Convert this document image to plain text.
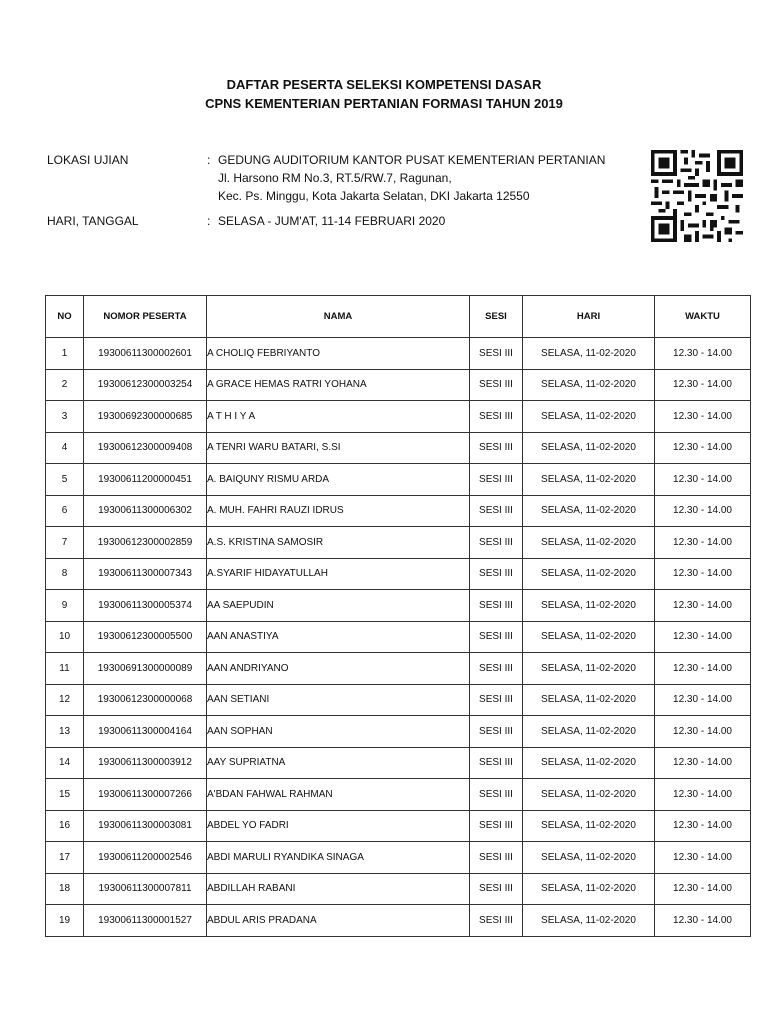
DAFTAR PESERTA SELEKSI KOMPETENSI DASAR
CPNS KEMENTERIAN PERTANIAN FORMASI TAHUN 2019
LOKASI UJIAN	: GEDUNG AUDITORIUM KANTOR PUSAT KEMENTERIAN PERTANIAN
Jl. Harsono RM No.3, RT.5/RW.7, Ragunan,
Kec. Ps. Minggu, Kota Jakarta Selatan, DKI Jakarta 12550
HARI, TANGGAL	: SELASA - JUM'AT, 11-14 FEBRUARI 2020
NO	NOMOR PESERTA	NAMA	SESI	HARI	WAKTU
1	19300611300002601	A CHOLIQ FEBRIYANTO	SESI III	SELASA, 11-02-2020	12.30 - 14.00
2	19300612300003254	A GRACE HEMAS RATRI YOHANA	SESI III	SELASA, 11-02-2020	12.30 - 14.00
3	19300692300000685	A T H I Y A	SESI III	SELASA, 11-02-2020	12.30 - 14.00
4	19300612300009408	A TENRI WARU BATARI, S.SI	SESI III	SELASA, 11-02-2020	12.30 - 14.00
5	19300611200000451	A. BAIQUNY RISMU ARDA	SESI III	SELASA, 11-02-2020	12.30 - 14.00
6	19300611300006302	A. MUH. FAHRI RAUZI IDRUS	SESI III	SELASA, 11-02-2020	12.30 - 14.00
7	19300612300002859	A.S. KRISTINA SAMOSIR	SESI III	SELASA, 11-02-2020	12.30 - 14.00
8	19300611300007343	A.SYARIF HIDAYATULLAH	SESI III	SELASA, 11-02-2020	12.30 - 14.00
9	19300611300005374	AA SAEPUDIN	SESI III	SELASA, 11-02-2020	12.30 - 14.00
10	19300612300005500	AAN ANASTIYA	SESI III	SELASA, 11-02-2020	12.30 - 14.00
11	19300691300000089	AAN ANDRIYANO	SESI III	SELASA, 11-02-2020	12.30 - 14.00
12	19300612300000068	AAN SETIANI	SESI III	SELASA, 11-02-2020	12.30 - 14.00
13	19300611300004164	AAN SOPHAN	SESI III	SELASA, 11-02-2020	12.30 - 14.00
14	19300611300003912	AAY SUPRIATNA	SESI III	SELASA, 11-02-2020	12.30 - 14.00
15	19300611300007266	A'BDAN FAHWAL RAHMAN	SESI III	SELASA, 11-02-2020	12.30 - 14.00
16	19300611300003081	ABDEL YO FADRI	SESI III	SELASA, 11-02-2020	12.30 - 14.00
17	19300611200002546	ABDI MARULI RYANDIKA SINAGA	SESI III	SELASA, 11-02-2020	12.30 - 14.00
18	19300611300007811	ABDILLAH RABANI	SESI III	SELASA, 11-02-2020	12.30 - 14.00
19	19300611300001527	ABDUL ARIS PRADANA	SESI III	SELASA, 11-02-2020	12.30 - 14.00
